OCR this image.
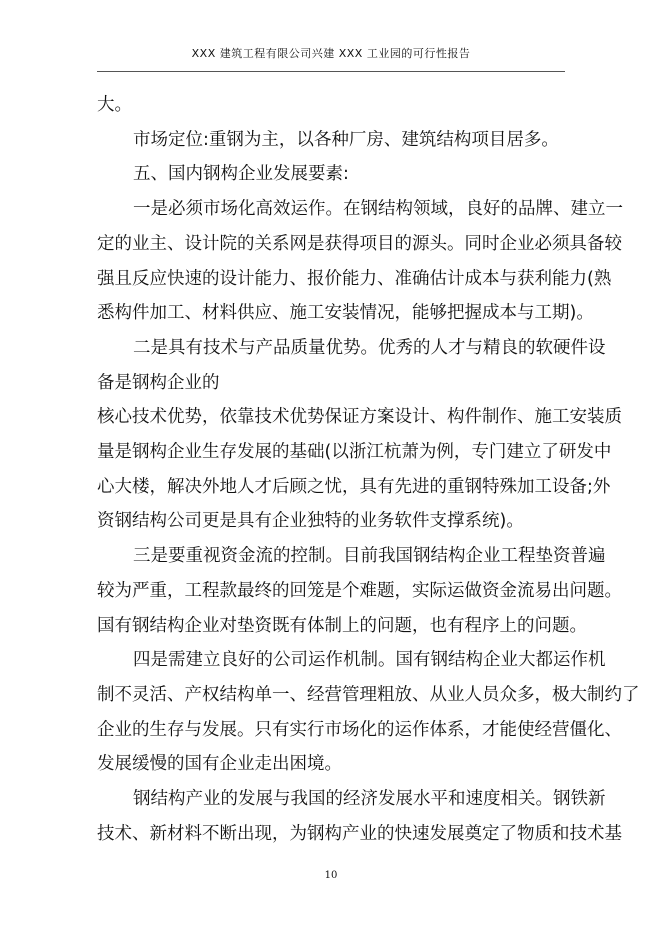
XXX 建筑工程有限公司兴建 XXX 工业园的可行性报告

大。

市场定位:重钢为主，以各种厂房、建筑结构项目居多。

五、国内钢构企业发展要素:

一是必须市场化高效运作。在钢结构领域，良好的品牌、建立一

定的业主、设计院的关系网是获得项目的源头。同时企业必须具备较

强且反应快速的设计能力、报价能力、准确估计成本与获利能力(熟

悉构件加工、材料供应、施工安装情况，能够把握成本与工期)。

二是具有技术与产品质量优势。优秀的人才与精良的软硬件设

备是钢构企业的

核心技术优势，依靠技术优势保证方案设计、构件制作、施工安装质

量是钢构企业生存发展的基础(以浙江杭萧为例，专门建立了研发中

心大楼，解决外地人才后顾之忧，具有先进的重钢特殊加工设备;外

资钢结构公司更是具有企业独特的业务软件支撑系统)。

三是要重视资金流的控制。目前我国钢结构企业工程垫资普遍

较为严重，工程款最终的回笼是个难题，实际运做资金流易出问题。

国有钢结构企业对垫资既有体制上的问题，也有程序上的问题。

四是需建立良好的公司运作机制。国有钢结构企业大都运作机

制不灵活、产权结构单一、经营管理粗放、从业人员众多，极大制约了

企业的生存与发展。只有实行市场化的运作体系，才能使经营僵化、

发展缓慢的国有企业走出困境。

钢结构产业的发展与我国的经济发展水平和速度相关。钢铁新

技术、新材料不断出现，为钢构产业的快速发展奠定了物质和技术基

10
